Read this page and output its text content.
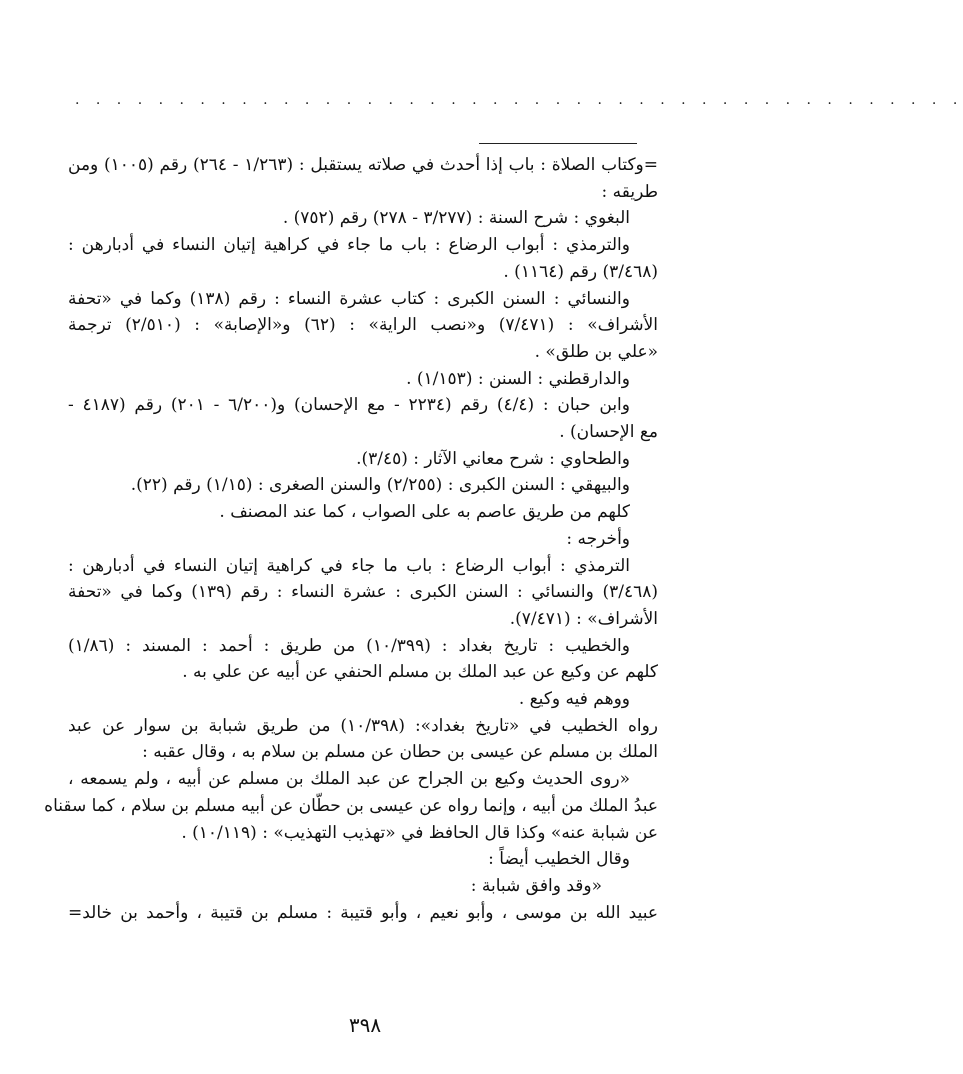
. . . . . . . . . . . . . . . . . . . . . . . . . . . . . . . . . . . . . . . . . . .
=وكتاب الصلاة : باب إذا أحدث في صلاته يستقبل : (١/٢٦٣ - ٢٦٤) رقم (١٠٠٥) ومن
طريقه :
البغوي : شرح السنة : (٣/٢٧٧ - ٢٧٨) رقم (٧٥٢) .
والترمذي : أبواب الرضاع : باب ما جاء في كراهية إتيان النساء في أدبارهن :
(٣/٤٦٨) رقم (١١٦٤) .
والنسائي : السنن الكبرى : كتاب عشرة النساء : رقم (١٣٨) وكما في «تحفة
الأشراف» : (٧/٤٧١) و«نصب الراية» : (٦٢) و«الإصابة» : (٢/٥١٠) ترجمة
«علي بن طلق» .
والدارقطني : السنن : (١/١٥٣) .
وابن حبان : (٤/٤) رقم (٢٢٣٤ - مع الإحسان) و(٦/٢٠٠ - ٢٠١) رقم (٤١٨٧ -
مع الإحسان) .
والطحاوي : شرح معاني الآثار : (٣/٤٥).
والبيهقي : السنن الكبرى : (٢/٢٥٥) والسنن الصغرى : (١/١٥) رقم (٢٢).
كلهم من طريق عاصم به على الصواب ، كما عند المصنف .
وأخرجه :
الترمذي : أبواب الرضاع : باب ما جاء في كراهية إتيان النساء في أدبارهن :
(٣/٤٦٨) والنسائي : السنن الكبرى : عشرة النساء : رقم (١٣٩) وكما في «تحفة
الأشراف» : (٧/٤٧١).
والخطيب : تاريخ بغداد : (١٠/٣٩٩) من طريق : أحمد : المسند : (١/٨٦)
كلهم عن وكيع عن عبد الملك بن مسلم الحنفي عن أبيه عن علي به .
ووهم فيه وكيع .
رواه الخطيب في «تاريخ بغداد»: (١٠/٣٩٨) من طريق شبابة بن سوار عن عبد
الملك بن مسلم عن عيسى بن حطان عن مسلم بن سلام به ، وقال عقبه :
«روى الحديث وكيع بن الجراح عن عبد الملك بن مسلم عن أبيه ، ولم يسمعه ،
عبدُ الملك من أبيه ، وإنما رواه عن عيسى بن حطّان عن أبيه مسلم بن سلام ، كما سقناه
عن شبابة عنه» وكذا قال الحافظ في «تهذيب التهذيب» : (١٠/١١٩) .
وقال الخطيب أيضاً :
«وقد وافق شبابة :
عبيد الله بن موسى ، وأبو نعيم ، وأبو قتيبة : مسلم بن قتيبة ، وأحمد بن خالد=
٣٩٨
